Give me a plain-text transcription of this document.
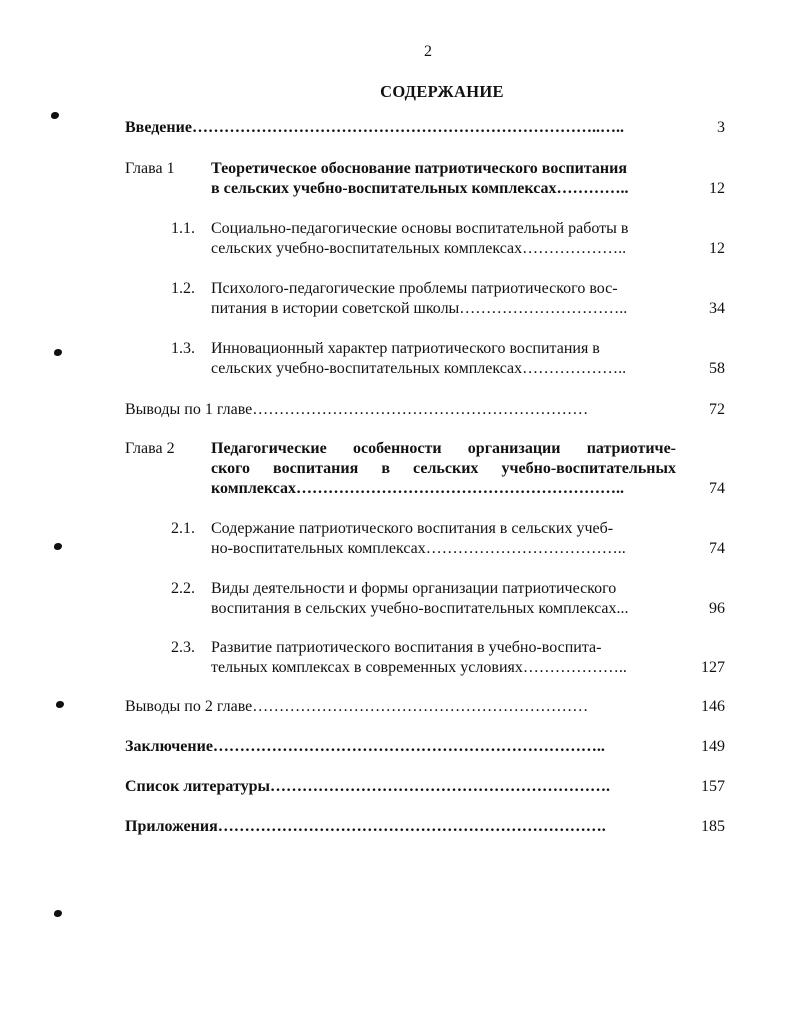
2
СОДЕРЖАНИЕ
Введение…………………………………………………………………..…..	3
Глава 1 Теоретическое обоснование патриотического воспитания
в сельских учебно-воспитательных комплексах…………..	12
1.1.	Социально-педагогические основы воспитательной работы в
сельских учебно-воспитательных комплексах………………..	12
1.2.	Психолого-педагогические проблемы патриотического вос-
питания в истории советской школы…………………………..	34
1.3.	Инновационный характер патриотического воспитания в
сельских учебно-воспитательных комплексах………………..	58
Выводы по 1 главе………………………………………………………	72
Глава 2 Педагогические особенности организации патриотиче-
ского воспитания в сельских учебно-воспитательных
комплексах……………………………………………………..	74
2.1.	Содержание патриотического воспитания в сельских учеб-
но-воспитательных комплексах………………………………..	74
2.2.	Виды деятельности и формы организации патриотического
воспитания в сельских учебно-воспитательных комплексах...	96
2.3.	Развитие патриотического воспитания в учебно-воспита-
тельных комплексах в современных условиях………………..	127
Выводы по 2 главе………………………………………………………	146
Заключение………………………………………………………………..	149
Список литературы……………………………………………………….	157
Приложения……………………………………………………………….	185
